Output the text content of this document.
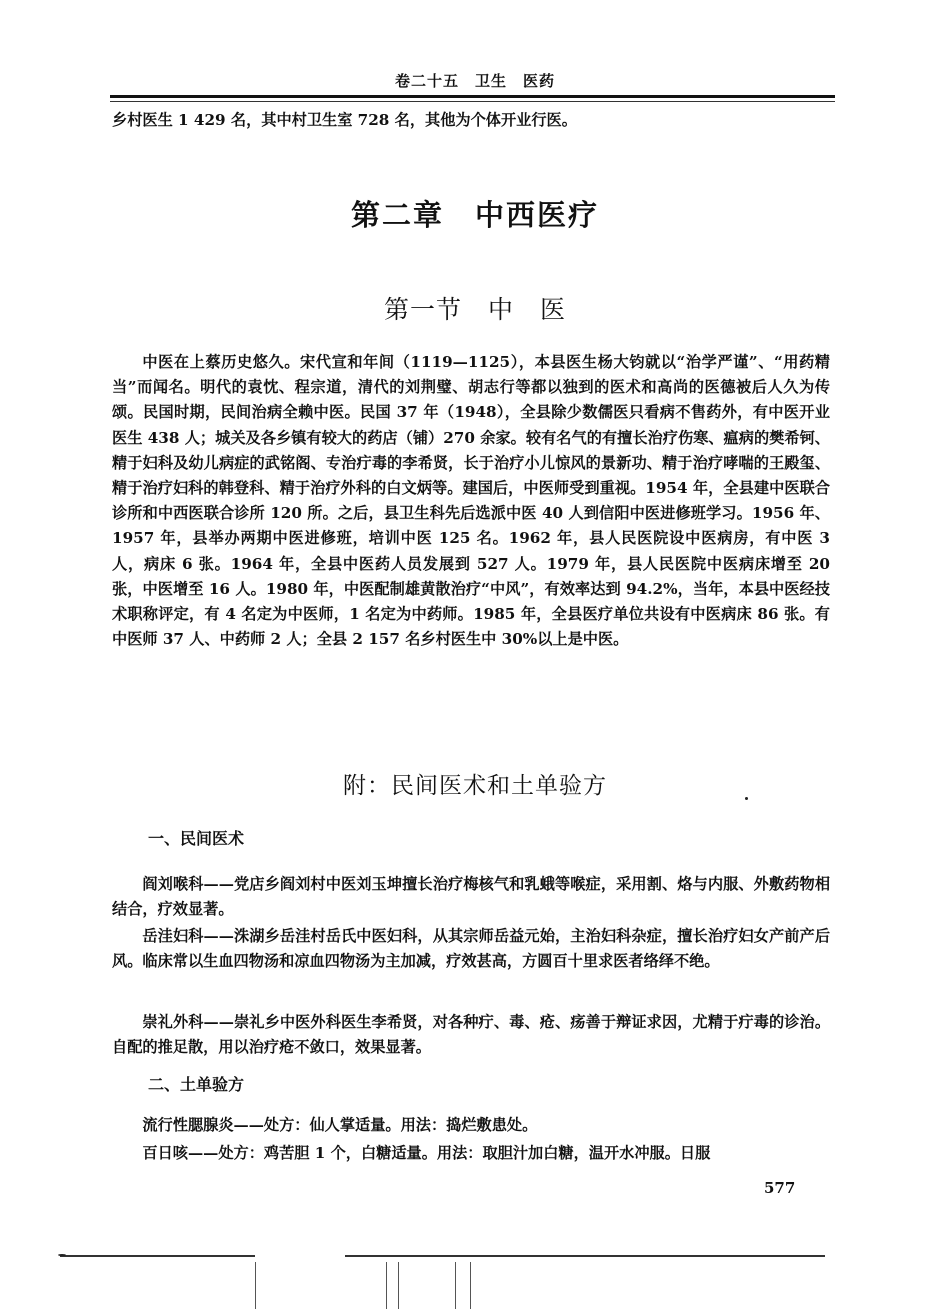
卷二十五　卫生　医药

乡村医生 1 429 名，其中村卫生室 728 名，其他为个体开业行医。

第二章　中西医疗
第一节　中　医

中医在上蔡历史悠久。宋代宣和年间（1119—1125），本县医生杨大钧就以“治学严谨”、“用药精当”而闻名。明代的袁忱、程宗道，清代的刘荆璧、胡志行等都以独到的医术和高尚的医德被后人久为传颂。民国时期，民间治病全赖中医。民国 37 年（1948），全县除少数儒医只看病不售药外，有中医开业医生 438 人；城关及各乡镇有较大的药店（铺）270 余家。较有名气的有擅长治疗伤寒、瘟病的樊希钶、精于妇科及幼儿病症的武铭阁、专治疔毒的李希贤，长于治疗小儿惊风的景新功、精于治疗哮喘的王殿玺、精于治疗妇科的韩登科、精于治疗外科的白文炳等。建国后，中医师受到重视。1954 年，全县建中医联合诊所和中西医联合诊所 120 所。之后，县卫生科先后选派中医 40 人到信阳中医进修班学习。1956 年、1957 年，县举办两期中医进修班，培训中医 125 名。1962 年，县人民医院设中医病房，有中医 3 人，病床 6 张。1964 年，全县中医药人员发展到 527 人。1979 年，县人民医院中医病床增至 20 张，中医增至 16 人。1980 年，中医配制雄黄散治疗“中风”，有效率达到 94.2%，当年，本县中医经技术职称评定，有 4 名定为中医师，1 名定为中药师。1985 年，全县医疗单位共设有中医病床 86 张。有中医师 37 人、中药师 2 人；全县 2 157 名乡村医生中 30%以上是中医。

附：民间医术和土单验方
一、民间医术

阎刘喉科——党店乡阎刘村中医刘玉坤擅长治疗梅核气和乳蛾等喉症，采用割、烙与内服、外敷药物相结合，疗效显著。

岳洼妇科——洙湖乡岳洼村岳氏中医妇科，从其宗师岳益元始，主治妇科杂症，擅长治疗妇女产前产后风。临床常以生血四物汤和凉血四物汤为主加减，疗效甚高，方圆百十里求医者络绎不绝。

崇礼外科——崇礼乡中医外科医生李希贤，对各种疔、毒、疮、疡善于辩证求因，尤精于疔毒的诊治。自配的推足散，用以治疗疮不敛口，效果显著。

二、土单验方

流行性腮腺炎——处方：仙人掌适量。用法：捣烂敷患处。

百日咳——处方：鸡苦胆 1 个，白糖适量。用法：取胆汁加白糖，温开水冲服。日服

577
